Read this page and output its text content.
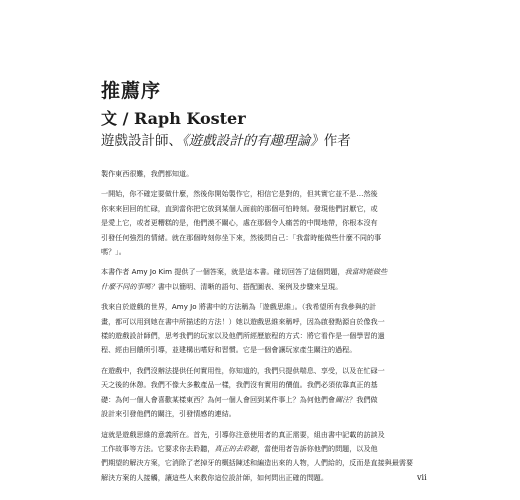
推薦序
文 / Raph Koster
遊戲設計師、《遊戲設計的有趣理論》作者

製作東西很難，我們都知道。

一開始，你不確定要做什麼，然後你開始製作它，相信它是對的，但其實它並不是…然後
你來來回回的忙碌，直到當你把它放到某個人面前的那個可怕時刻。發現他們討厭它，或
是愛上它，或者更糟糕的是，他們漠不關心，處在那個令人痛苦的中間地帶，你根本沒有
引發任何強烈的情緒。就在那個時刻你坐下來，然後問自己：「我當時能做些什麼不同的事
嗎？」。

本書作者 Amy Jo Kim 提供了一個答案，就是這本書。確切回答了這個問題，我當時能做些
什麼不同的事嗎？書中以簡明、清晰的語句、搭配圖表、案例及步驟來呈現。

我來自於遊戲的世界，Amy Jo 將書中的方法稱為「遊戲思維」。（我希望所有我參與的計
畫，都可以用到她在書中所描述的方法！）她以遊戲思維來稱呼，因為啟發點源自於像我一
樣的遊戲設計師們，思考我們的玩家以及他們所經歷旅程的方式：將它看作是一個學習的過
程、經由回饋所引導，並建構出嗜好和習慣。它是一個會讓玩家產生關注的過程。

在遊戲中，我們沒辦法提供任何實用性，你知道的，我們只提供喘息、享受，以及在忙碌一
天之後的休憩。我們不像大多數產品一樣，我們沒有實用的價值。我們必須依靠真正的基
礎：為何一個人會喜歡某樣東西？為何一個人會回到某件事上？為何他們會關注？我們做
設計來引發他們的關注，引發情感的連結。

這就是遊戲思維的意義所在。首先，引導你注意使用者的真正需要，組由書中記載的訪談及
工作故事等方法。它要求你去聆聽，真正的去聆聽，當使用者告訴你他們的問題，以及他
們期望的解決方案，它消除了老掉牙的概括陳述和編造出來的人物，人們給的，反而是直接與最需要
解決方案的人接觸，讓這些人來教你這位設計師，如何問出正確的問題。	vii
